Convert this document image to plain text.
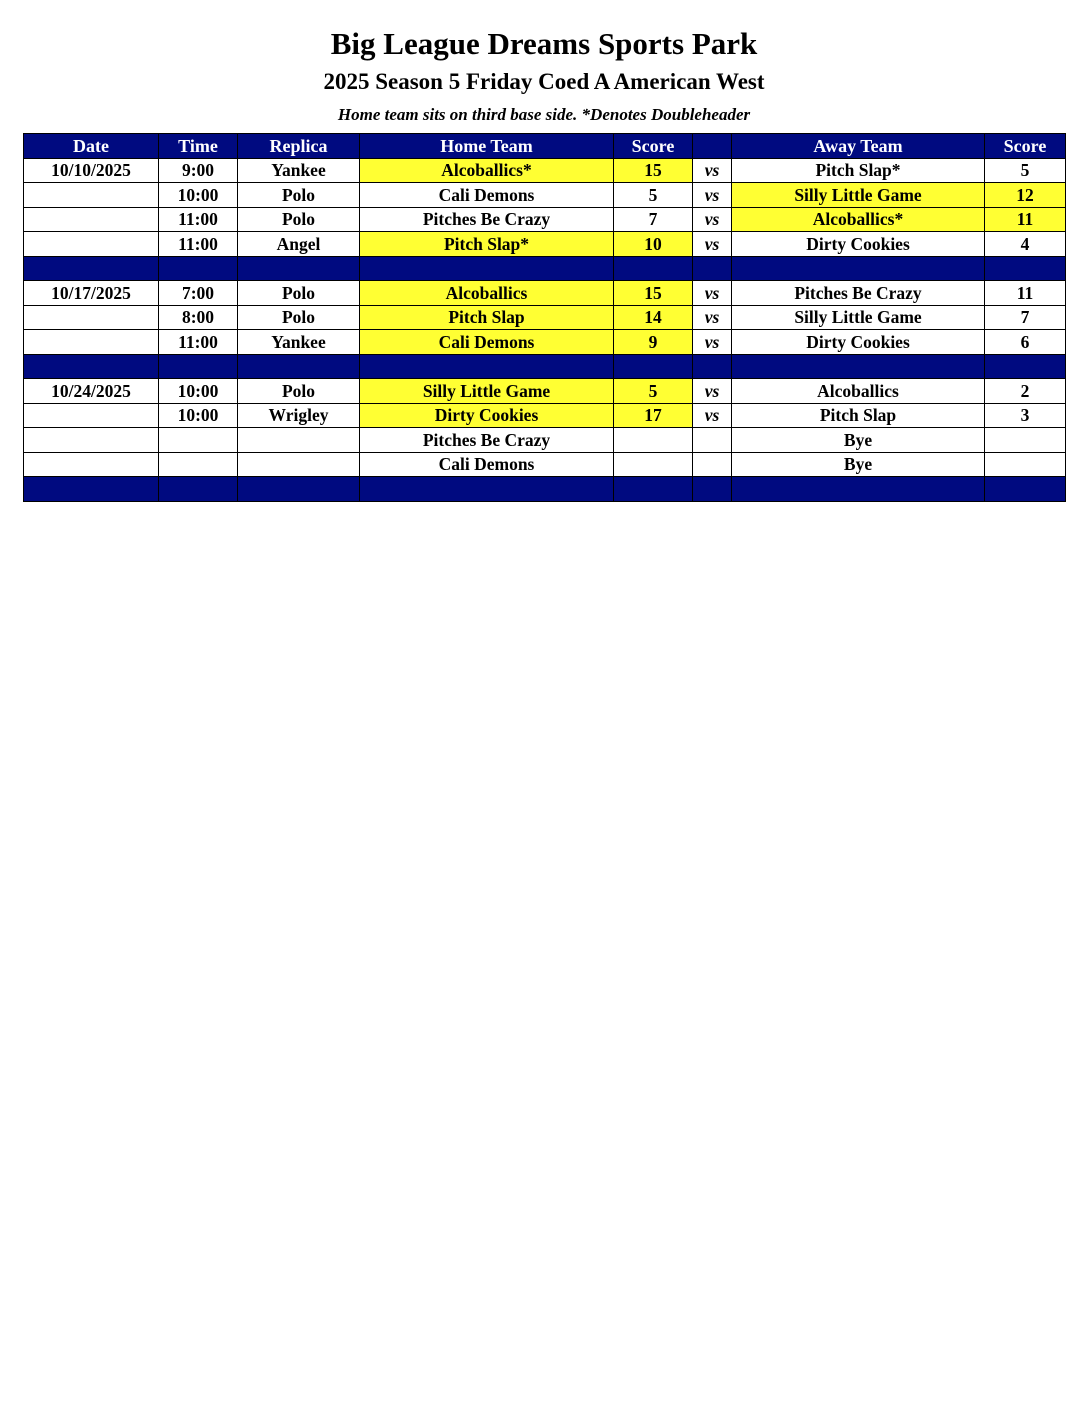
Big League Dreams Sports Park
2025 Season 5 Friday Coed A American West
Home team sits on third base side. *Denotes Doubleheader
Date	Time	Replica	Home Team	Score		Away Team	Score
10/10/2025	9:00	Yankee	Alcoballics*	15	vs	Pitch Slap*	5
	10:00	Polo	Cali Demons	5	vs	Silly Little Game	12
	11:00	Polo	Pitches Be Crazy	7	vs	Alcoballics*	11
	11:00	Angel	Pitch Slap*	10	vs	Dirty Cookies	4

10/17/2025	7:00	Polo	Alcoballics	15	vs	Pitches Be Crazy	11
	8:00	Polo	Pitch Slap	14	vs	Silly Little Game	7
	11:00	Yankee	Cali Demons	9	vs	Dirty Cookies	6

10/24/2025	10:00	Polo	Silly Little Game	5	vs	Alcoballics	2
	10:00	Wrigley	Dirty Cookies	17	vs	Pitch Slap	3
			Pitches Be Crazy			Bye	
			Cali Demons			Bye	
